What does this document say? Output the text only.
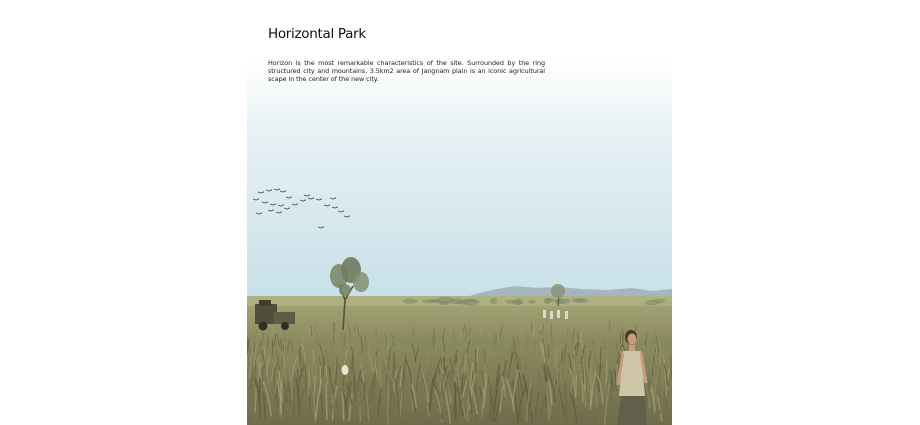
Horizontal Park

Horizon is the most remarkable characteristics of the site. Surrounded by the ring structured city and mountains, 3.5km2 area of Jangnam plain is an iconic agricultural scape in the center of the new city.
